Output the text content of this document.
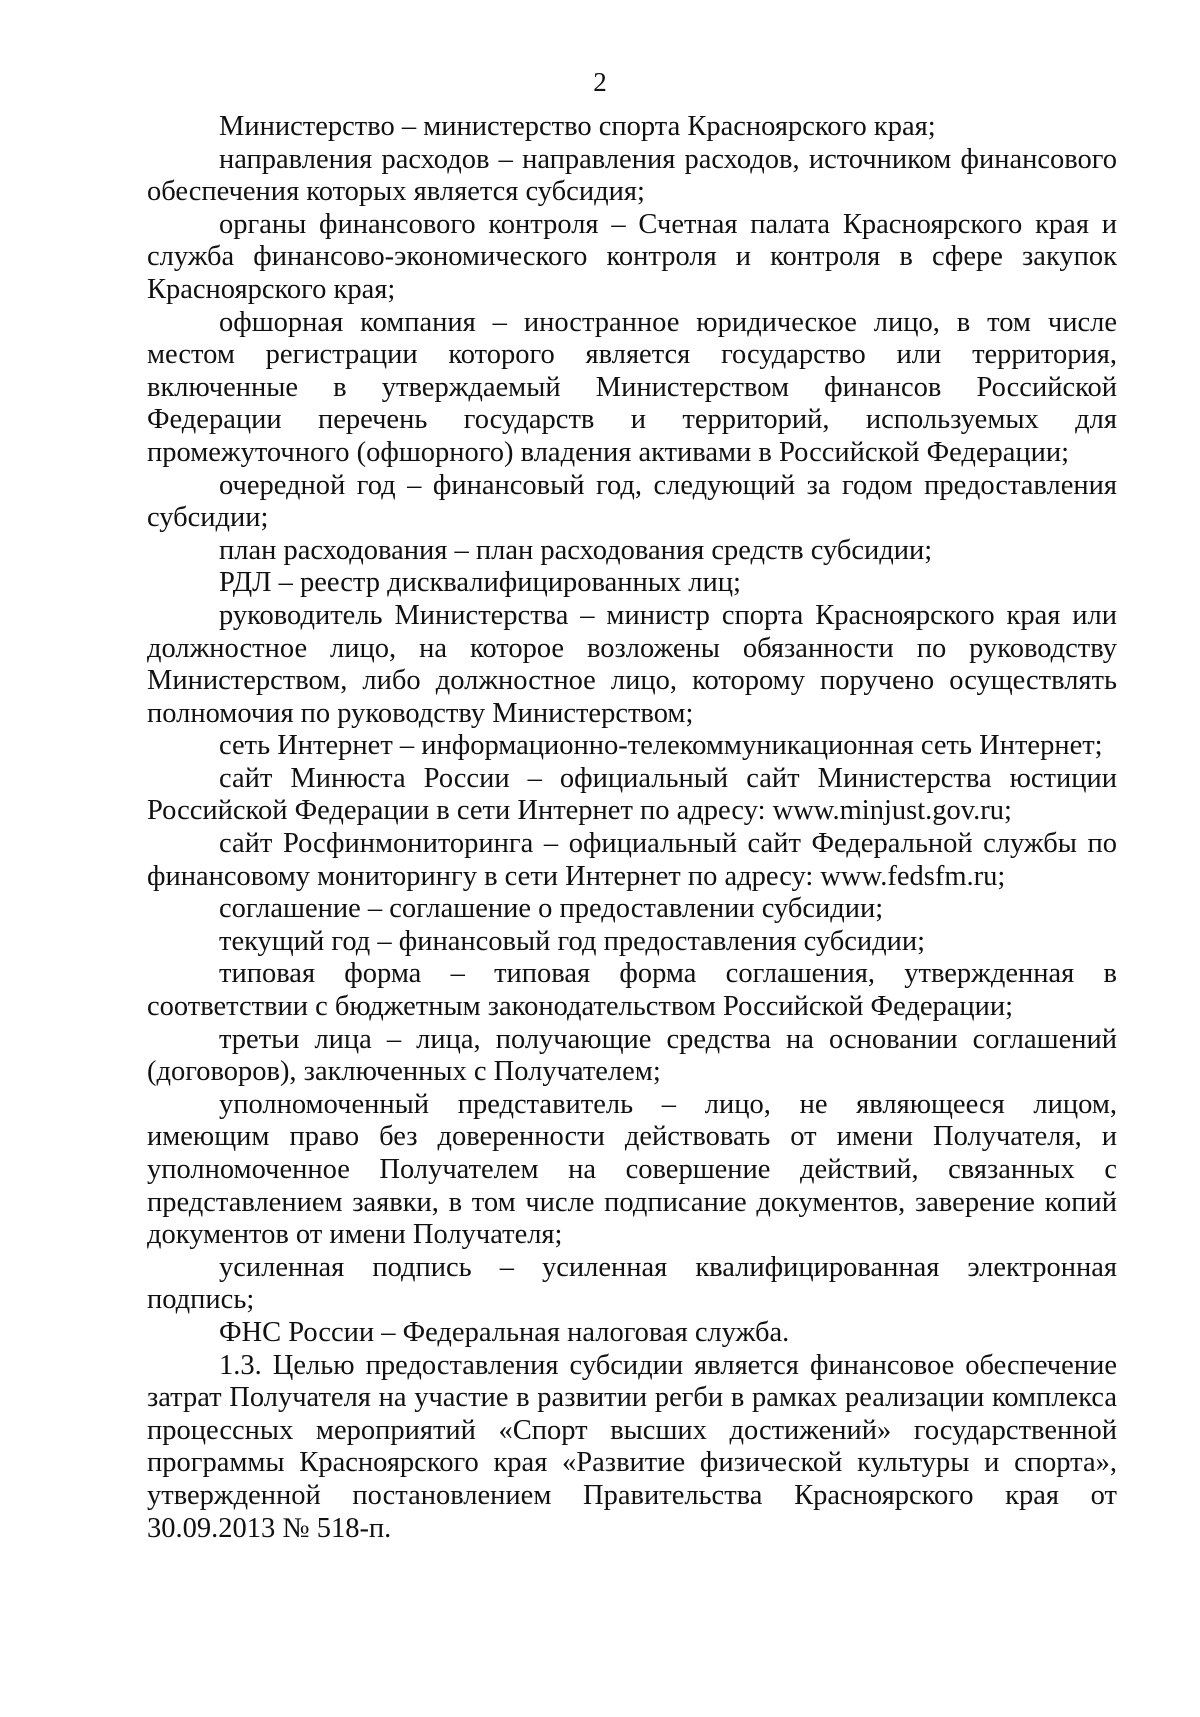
2

Министерство – министерство спорта Красноярского края;

направления расходов – направления расходов, источником финансового обеспечения которых является субсидия;

органы финансового контроля – Счетная палата Красноярского края и служба финансово-экономического контроля и контроля в сфере закупок Красноярского края;

офшорная компания – иностранное юридическое лицо, в том числе местом регистрации которого является государство или территория, включенные в утверждаемый Министерством финансов Российской Федерации перечень государств и территорий, используемых для промежуточного (офшорного) владения активами в Российской Федерации;

очередной год – финансовый год, следующий за годом предоставления субсидии;

план расходования – план расходования средств субсидии;

РДЛ – реестр дисквалифицированных лиц;

руководитель Министерства – министр спорта Красноярского края или должностное лицо, на которое возложены обязанности по руководству Министерством, либо должностное лицо, которому поручено осуществлять полномочия по руководству Министерством;

сеть Интернет – информационно-телекоммуникационная сеть Интернет;

сайт Минюста России – официальный сайт Министерства юстиции Российской Федерации в сети Интернет по адресу: www.minjust.gov.ru;

сайт Росфинмониторинга – официальный сайт Федеральной службы по финансовому мониторингу в сети Интернет по адресу: www.fedsfm.ru;

соглашение – соглашение о предоставлении субсидии;

текущий год – финансовый год предоставления субсидии;

типовая форма – типовая форма соглашения, утвержденная в соответствии с бюджетным законодательством Российской Федерации;

третьи лица – лица, получающие средства на основании соглашений (договоров), заключенных с Получателем;

уполномоченный представитель – лицо, не являющееся лицом, имеющим право без доверенности действовать от имени Получателя, и уполномоченное Получателем на совершение действий, связанных с представлением заявки, в том числе подписание документов, заверение копий документов от имени Получателя;

усиленная подпись – усиленная квалифицированная электронная подпись;

ФНС России – Федеральная налоговая служба.

1.3. Целью предоставления субсидии является финансовое обеспечение затрат Получателя на участие в развитии регби в рамках реализации комплекса процессных мероприятий «Спорт высших достижений» государственной программы Красноярского края «Развитие физической культуры и спорта», утвержденной постановлением Правительства Красноярского края от 30.09.2013 № 518-п.
